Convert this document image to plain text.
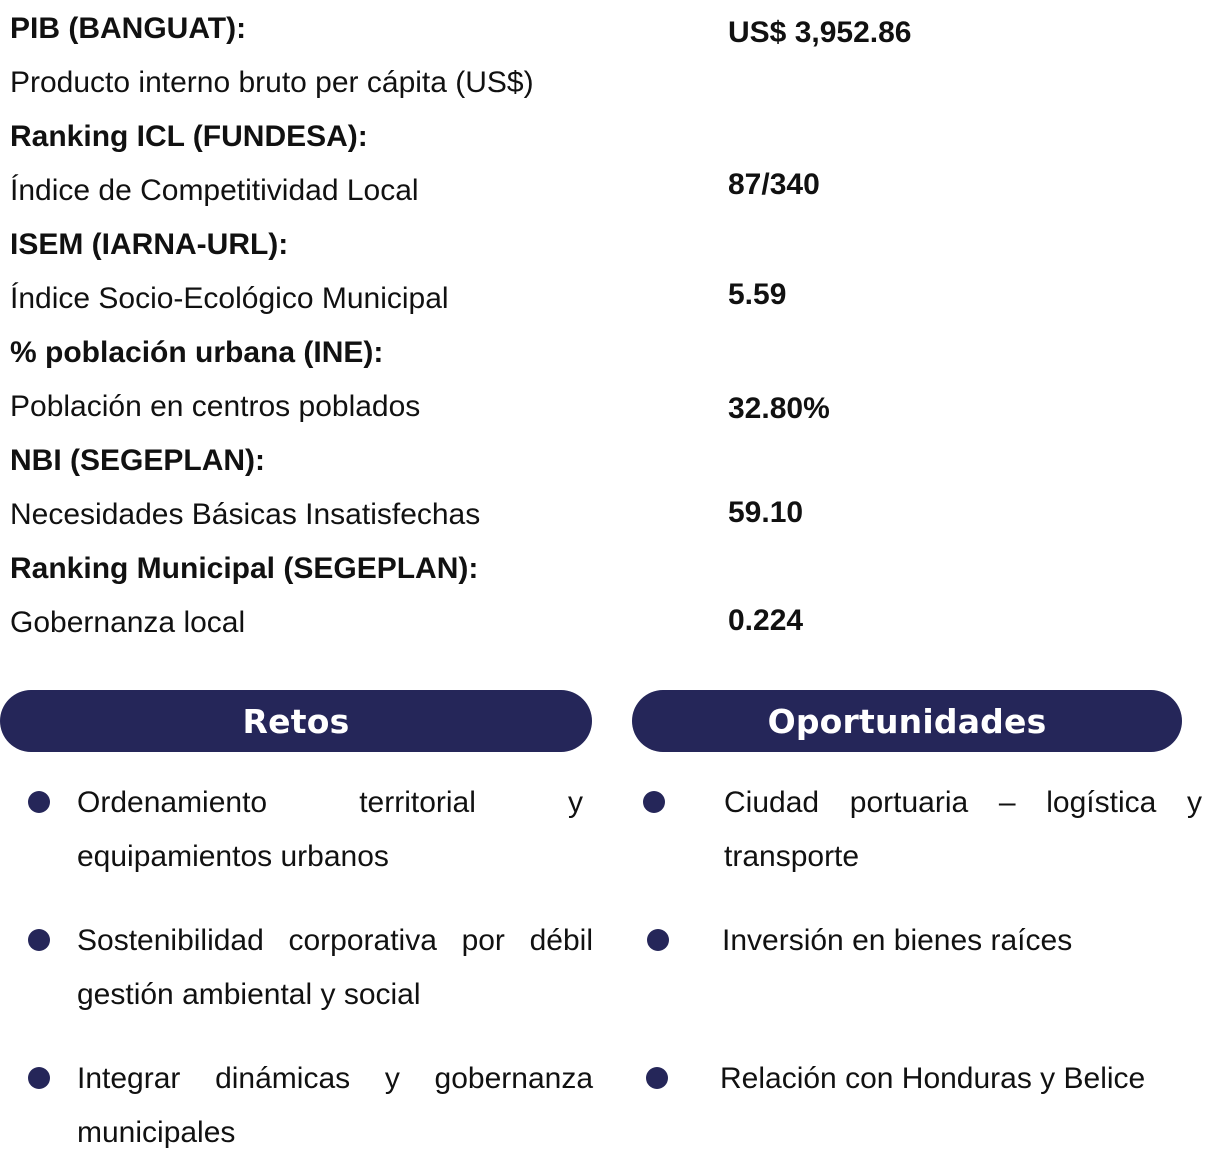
PIB (BANGUAT):	US$ 3,952.86
Producto interno bruto per cápita (US$)
Ranking ICL (FUNDESA):
Índice de Competitividad Local	87/340
ISEM (IARNA-URL):
Índice Socio-Ecológico Municipal	5.59
% población urbana (INE):
Población en centros poblados	32.80%
NBI (SEGEPLAN):
Necesidades Básicas Insatisfechas	59.10
Ranking Municipal (SEGEPLAN):
Gobernanza local	0.224
Retos
Ordenamiento territorial y
equipamientos urbanos
Sostenibilidad corporativa por débil
gestión ambiental y social
Integrar dinámicas y gobernanza
municipales
Oportunidades
Ciudad portuaria – logística y
transporte
Inversión en bienes raíces
Relación con Honduras y Belice
